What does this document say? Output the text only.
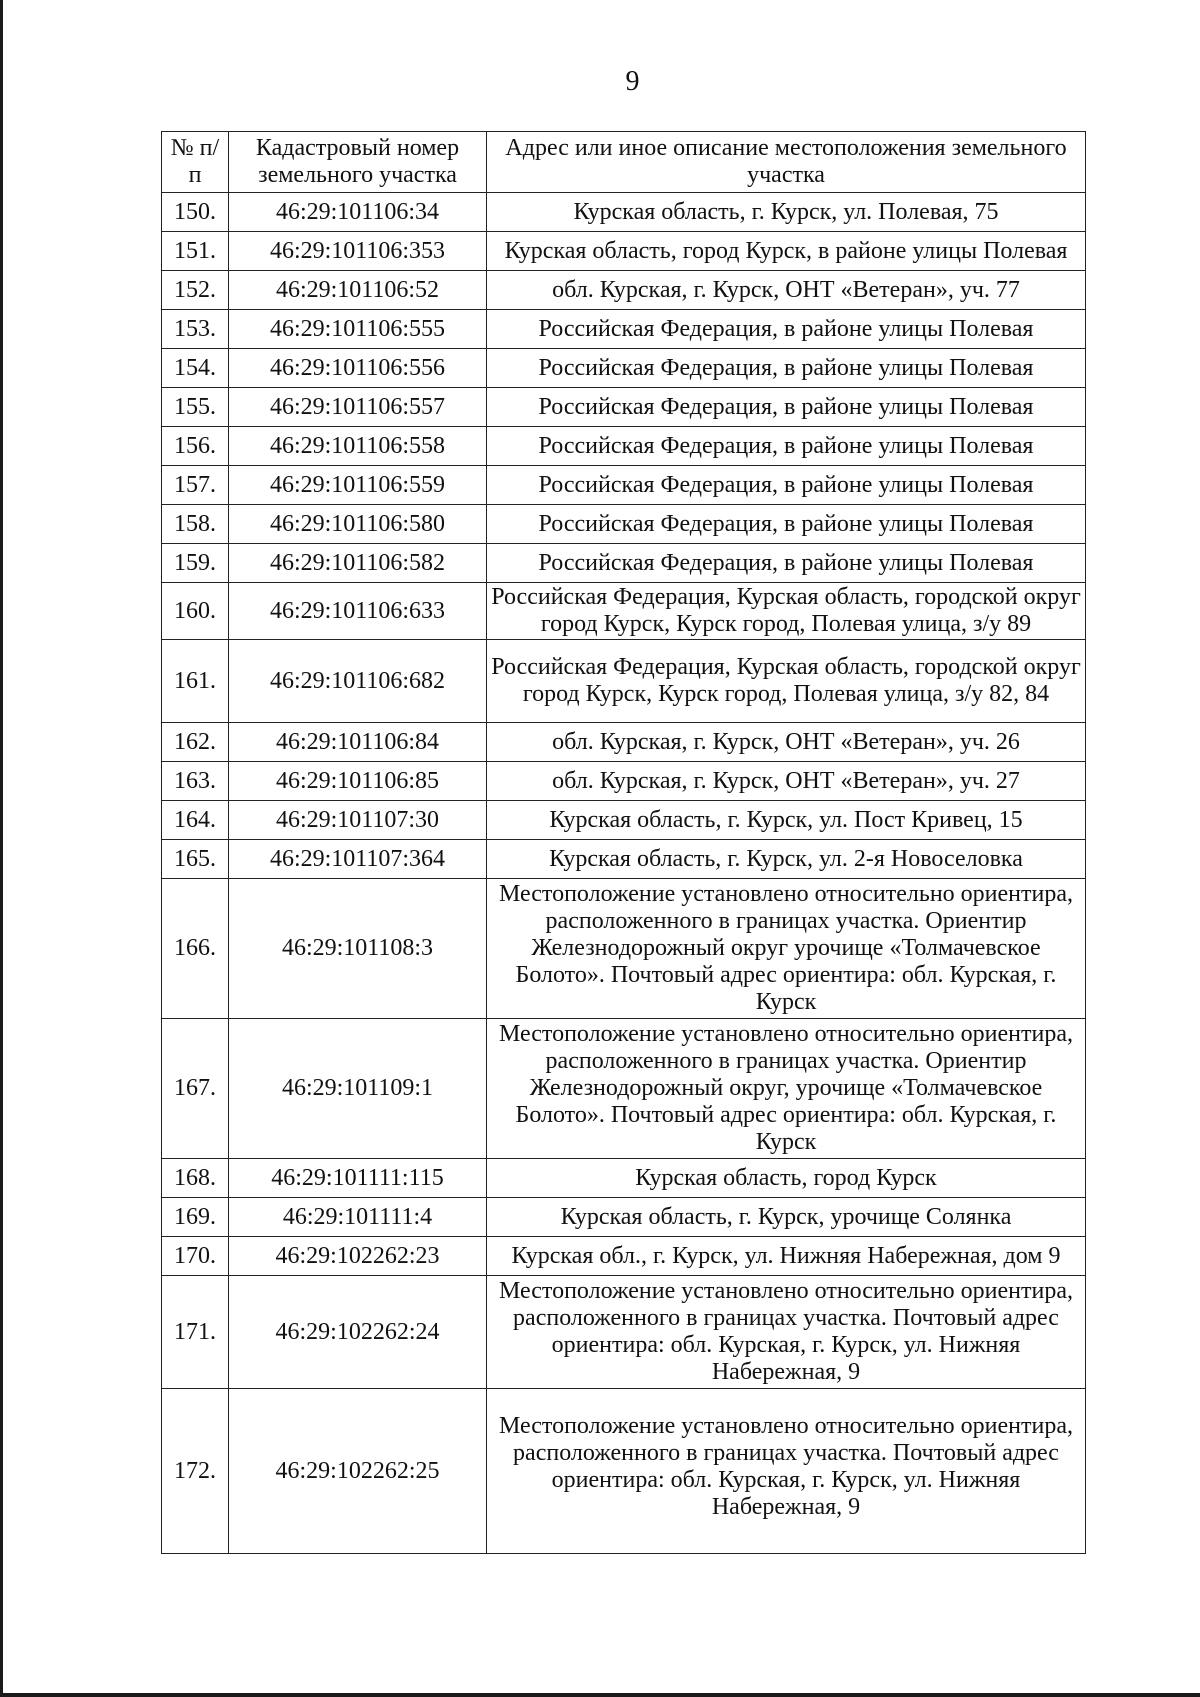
9
№ п/п	Кадастровый номер земельного участка	Адрес или иное описание местоположения земельного участка
150.	46:29:101106:34	Курская область, г. Курск, ул. Полевая, 75
151.	46:29:101106:353	Курская область, город Курск, в районе улицы Полевая
152.	46:29:101106:52	обл. Курская, г. Курск, ОНТ «Ветеран», уч. 77
153.	46:29:101106:555	Российская Федерация, в районе улицы Полевая
154.	46:29:101106:556	Российская Федерация, в районе улицы Полевая
155.	46:29:101106:557	Российская Федерация, в районе улицы Полевая
156.	46:29:101106:558	Российская Федерация, в районе улицы Полевая
157.	46:29:101106:559	Российская Федерация, в районе улицы Полевая
158.	46:29:101106:580	Российская Федерация, в районе улицы Полевая
159.	46:29:101106:582	Российская Федерация, в районе улицы Полевая
160.	46:29:101106:633	Российская Федерация, Курская область, городской округ город Курск, Курск город, Полевая улица, з/у 89
161.	46:29:101106:682	Российская Федерация, Курская область, городской округ город Курск, Курск город, Полевая улица, з/у 82, 84
162.	46:29:101106:84	обл. Курская, г. Курск, ОНТ «Ветеран», уч. 26
163.	46:29:101106:85	обл. Курская, г. Курск, ОНТ «Ветеран», уч. 27
164.	46:29:101107:30	Курская область, г. Курск, ул. Пост Кривец, 15
165.	46:29:101107:364	Курская область, г. Курск, ул. 2-я Новоселовка
166.	46:29:101108:3	Местоположение установлено относительно ориентира, расположенного в границах участка. Ориентир Железнодорожный округ урочище «Толмачевское Болото». Почтовый адрес ориентира: обл. Курская, г. Курск
167.	46:29:101109:1	Местоположение установлено относительно ориентира, расположенного в границах участка. Ориентир Железнодорожный округ, урочище «Толмачевское Болото». Почтовый адрес ориентира: обл. Курская, г. Курск
168.	46:29:101111:115	Курская область, город Курск
169.	46:29:101111:4	Курская область, г. Курск, урочище Солянка
170.	46:29:102262:23	Курская обл., г. Курск, ул. Нижняя Набережная, дом 9
171.	46:29:102262:24	Местоположение установлено относительно ориентира, расположенного в границах участка. Почтовый адрес ориентира: обл. Курская, г. Курск, ул. Нижняя Набережная, 9
172.	46:29:102262:25	Местоположение установлено относительно ориентира, расположенного в границах участка. Почтовый адрес ориентира: обл. Курская, г. Курск, ул. Нижняя Набережная, 9
